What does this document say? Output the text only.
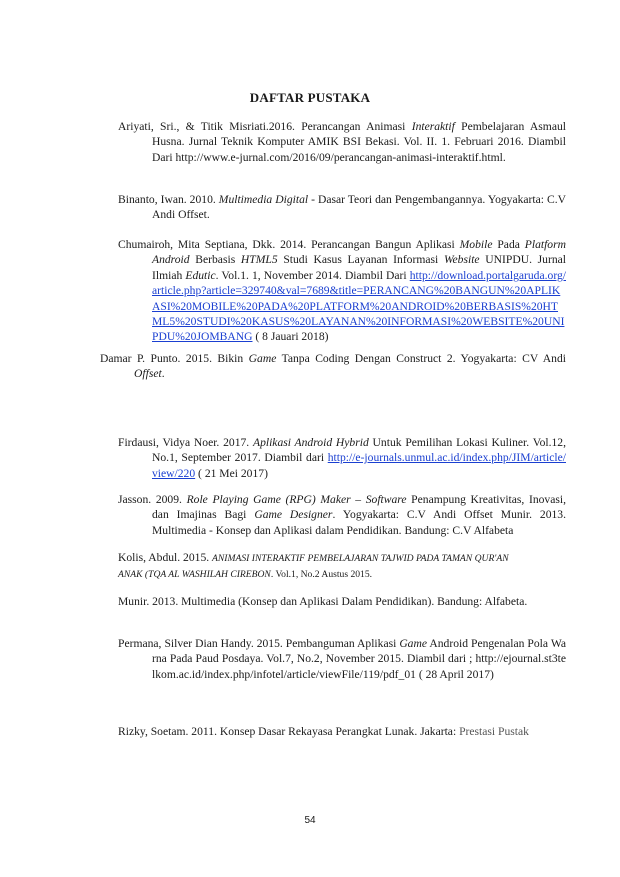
DAFTAR PUSTAKA

Ariyati, Sri., & Titik Misriati.2016. Perancangan Animasi Interaktif Pembelajaran Asmaul Husna. Jurnal Teknik Komputer AMIK BSI Bekasi. Vol. II. 1. Februari 2016. Diambil Dari http://www.e-jurnal.com/2016/09/perancangan-animasi-interaktif.html.

Binanto, Iwan. 2010. Multimedia Digital - Dasar Teori dan Pengembangannya. Yogyakarta: C.V Andi Offset.

Chumairoh, Mita Septiana, Dkk. 2014. Perancangan Bangun Aplikasi Mobile Pada Platform Android Berbasis HTML5 Studi Kasus Layanan Informasi Website UNIPDU. Jurnal Ilmiah Edutic. Vol.1. 1, November 2014. Diambil Dari http://download.portalgaruda.org/article.php?article=329740&val=7689&title=PERANCANG%20BANGUN%20APLIKASI%20MOBILE%20PADA%20PLATFORM%20ANDROID%20BERBASIS%20HTML5%20STUDI%20KASUS%20LAYANAN%20INFORMASI%20WEBSITE%20UNIPDU%20JOMBANG ( 8 Jauari 2018)

Damar P. Punto. 2015. Bikin Game Tanpa Coding Dengan Construct 2. Yogyakarta: CV Andi Offset.

Firdausi, Vidya Noer. 2017. Aplikasi Android Hybrid Untuk Pemilihan Lokasi Kuliner. Vol.12, No.1, September 2017. Diambil dari http://e-journals.unmul.ac.id/index.php/JIM/article/view/220 ( 21 Mei 2017)

Jasson. 2009. Role Playing Game (RPG) Maker – Software Penampung Kreativitas, Inovasi, dan Imajinas Bagi Game Designer. Yogyakarta: C.V Andi Offset Munir. 2013. Multimedia - Konsep dan Aplikasi dalam Pendidikan. Bandung: C.V Alfabeta

Kolis, Abdul. 2015. ANIMASI INTERAKTIF PEMBELAJARAN TAJWID PADA TAMAN QUR'AN ANAK (TQA AL WASHILAH CIREBON. Vol.1, No.2 Austus 2015.

Munir. 2013. Multimedia (Konsep dan Aplikasi Dalam Pendidikan). Bandung: Alfabeta.

Permana, Silver Dian Handy. 2015. Pembanguman Aplikasi Game Android Pengenalan Pola Warna Pada Paud Posdaya. Vol.7, No.2, November 2015. Diambil dari ; http://ejournal.st3telkom.ac.id/index.php/infotel/article/viewFile/119/pdf_01 ( 28 April 2017)

Rizky, Soetam. 2011. Konsep Dasar Rekayasa Perangkat Lunak. Jakarta: Prestasi Pustak

54
